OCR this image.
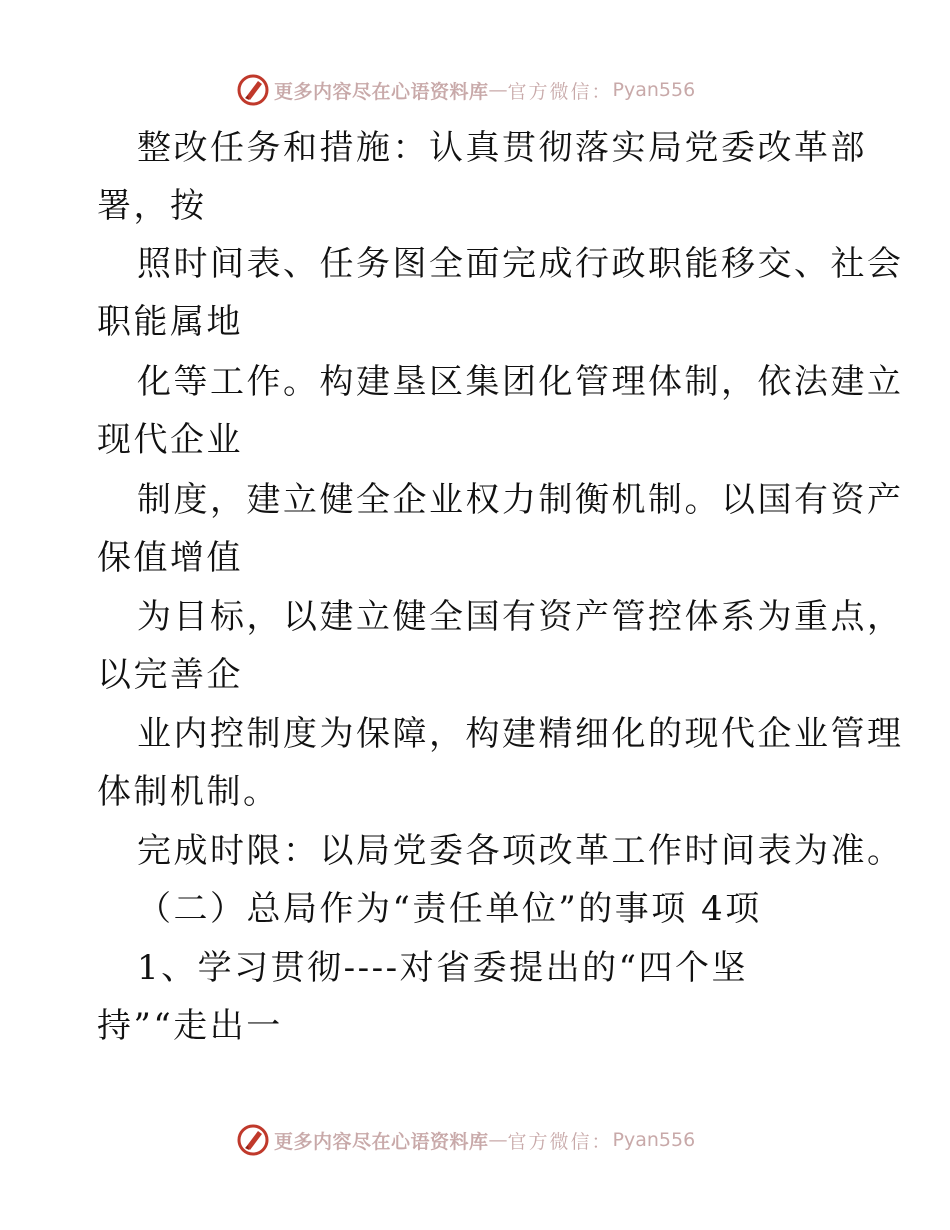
更多内容尽在心语资料库 — 官方微信： Pyan556
整改任务和措施：认真贯彻落实局党委改革部
署，按
照时间表、任务图全面完成行政职能移交、社会
职能属地
化等工作。构建垦区集团化管理体制，依法建立
现代企业
制度，建立健全企业权力制衡机制。以国有资产
保值增值
为目标，以建立健全国有资产管控体系为重点，
以完善企
业内控制度为保障，构建精细化的现代企业管理
体制机制。
完成时限：以局党委各项改革工作时间表为准。
（二）总局作为“责任单位”的事项 4项
1、学习贯彻----对省委提出的“四个坚
持”“走出一
更多内容尽在心语资料库 — 官方微信： Pyan556
